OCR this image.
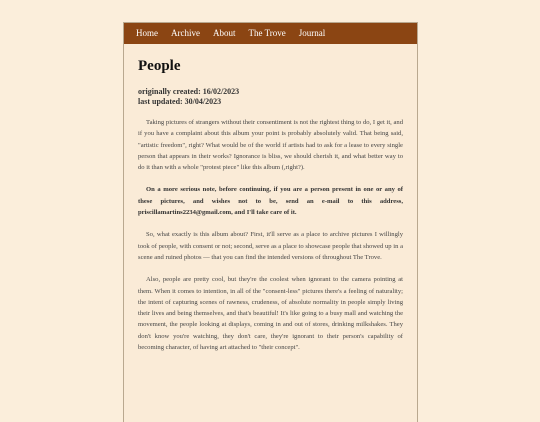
Home Archive About The Trove Journal
People
originally created: 16/02/2023
last updated: 30/04/2023

Taking pictures of strangers without their consentiment is not the rightest thing to do, I get it, and if you have a complaint about this album your point is probably absolutely valid. That being said, "artistic freedom", right? What would be of the world if artists had to ask for a lease to every single person that appears in their works? Ignorance is bliss, we should cherish it, and what better way to do it than with a whole "protest piece" like this album (,right?).

On a more serious note, before continuing, if you are a person present in one or any of these pictures, and wishes not to be, send an e-mail to this address, priscillamartins2234@gmail.com, and I'll take care of it.

So, what exactly is this album about? First, it'll serve as a place to archive pictures I willingly took of people, with consent or not; second, serve as a place to showcase people that showed up in a scene and ruined photos — that you can find the intended versions of throughout The Trove.

Also, people are pretty cool, but they're the coolest when ignorant to the camera pointing at them. When it comes to intention, in all of the "consent-less" pictures there's a feeling of naturality; the intent of capturing scenes of rawness, crudeness, of absolute normality in people simply living their lives and being themselves, and that's beautiful! It's like going to a busy mall and watching the movement, the people looking at displays, coming in and out of stores, drinking milkshakes. They don't know you're watching, they don't care, they're ignorant to their person's capability of becoming character, of having art attached to "their concept".
